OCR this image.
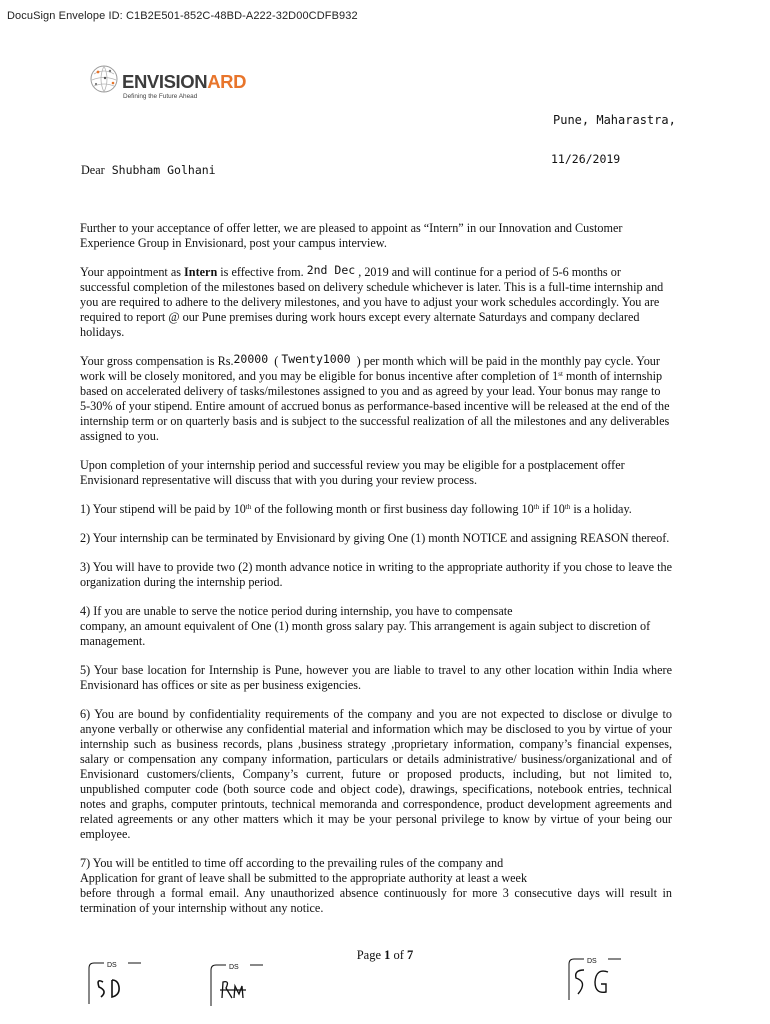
DocuSign Envelope ID: C1B2E501-852C-48BD-A222-32D00CDFB932
ENVISIONARD
Defining the Future Ahead
Pune, Maharastra,
11/26/2019
Dear Shubham Golhani

Further to your acceptance of offer letter, we are pleased to appoint as “Intern” in our Innovation and Customer Experience Group in Envisionard, post your campus interview.

Your appointment as Intern is effective from. 2nd Dec , 2019 and will continue for a period of 5-6 months or successful completion of the milestones based on delivery schedule whichever is later. This is a full-time internship and you are required to adhere to the delivery milestones, and you have to adjust your work schedules accordingly. You are required to report @ our Pune premises during work hours except every alternate Saturdays and company declared holidays.

Your gross compensation is Rs.20000  ( Twenty1000  ) per month which will be paid in the monthly pay cycle. Your work will be closely monitored, and you may be eligible for bonus incentive after completion of 1st month of internship based on accelerated delivery of tasks/milestones assigned to you and as agreed by your lead. Your bonus may range to 5-30% of your stipend. Entire amount of accrued bonus as performance-based incentive will be released at the end of the internship term or on quarterly basis and is subject to the successful realization of all the milestones and any deliverables assigned to you.

Upon completion of your internship period and successful review you may be eligible for a postplacement offer Envisionard representative will discuss that with you during your review process.

1) Your stipend will be paid by 10th of the following month or first business day following 10th if 10th is a holiday.

2) Your internship can be terminated by Envisionard by giving One (1) month NOTICE and assigning REASON thereof.

3) You will have to provide two (2) month advance notice in writing to the appropriate authority if you chose to leave the organization during the internship period.

4) If you are unable to serve the notice period during internship, you have to compensate
company, an amount equivalent of One (1) month gross salary pay. This arrangement is again subject to discretion of management.

5) Your base location for Internship is Pune, however you are liable to travel to any other location within India where Envisionard has offices or site as per business exigencies.

6) You are bound by confidentiality requirements of the company and you are not expected to disclose or divulge to anyone verbally or otherwise any confidential material and information which may be disclosed to you by virtue of your internship such as business records, plans ,business strategy ,proprietary information, company’s financial expenses, salary or compensation any company information, particulars or details administrative/ business/organizational and of Envisionard customers/clients, Company’s current, future or proposed products, including, but not limited to, unpublished computer code (both source code and object code), drawings, specifications, notebook entries, technical notes and graphs, computer printouts, technical memoranda and correspondence, product development agreements and related agreements or any other matters which it may be your personal privilege to know by virtue of your being our employee.

7) You will be entitled to time off according to the prevailing rules of the company and
Application for grant of leave shall be submitted to the appropriate authority at least a week
before through a formal email. Any unauthorized absence continuously for more 3 consecutive days will result in termination of your internship without any notice.

Page 1 of 7
DS	DS
DS
